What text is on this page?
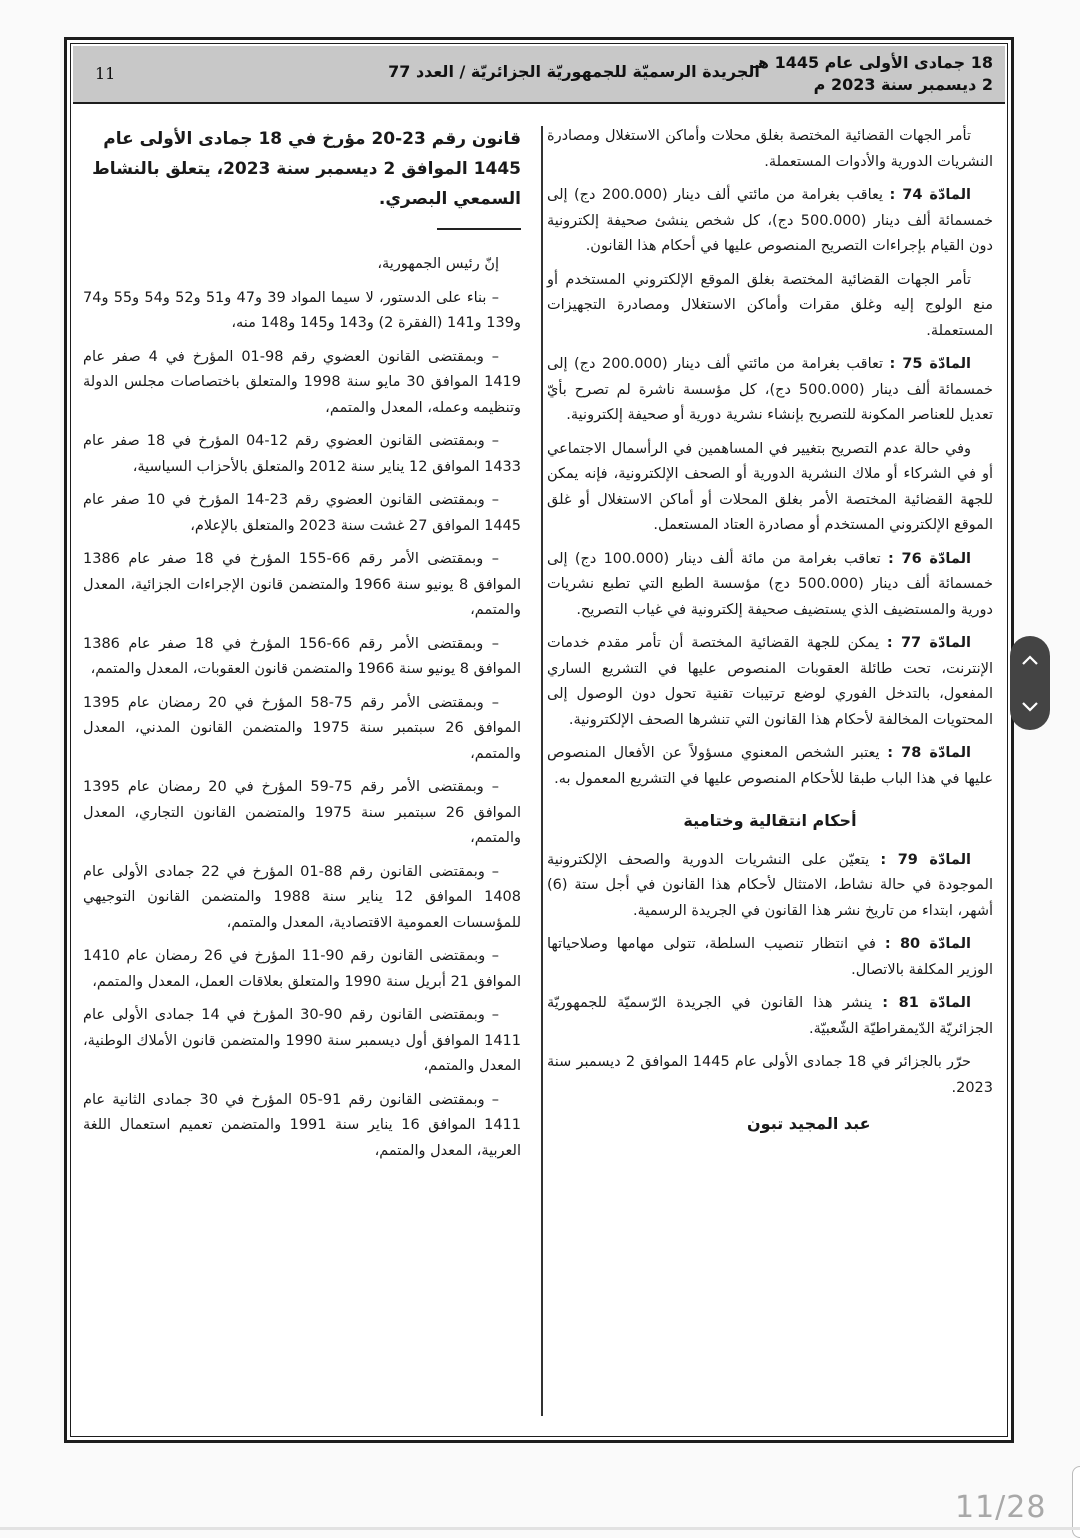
18 جمادى الأولى عام 1445 هـ
2 ديسمبر سنة 2023 م
الجريدة الرسميّة للجمهوريّة الجزائريّة / العدد 77
11

تأمر الجهات القضائية المختصة بغلق محلات وأماكن الاستغلال ومصادرة النشريات الدورية والأدوات المستعملة.

المادّة 74 : يعاقب بغرامة من مائتي ألف دينار (200.000 دج) إلى خمسمائة ألف دينار (500.000 دج)، كل شخص ينشئ صحيفة إلكترونية دون القيام بإجراءات التصريح المنصوص عليها في أحكام هذا القانون.

تأمر الجهات القضائية المختصة بغلق الموقع الإلكتروني المستخدم أو منع الولوج إليه وغلق مقرات وأماكن الاستغلال ومصادرة التجهيزات المستعملة.

المادّة 75 : تعاقب بغرامة من مائتي ألف دينار (200.000 دج) إلى خمسمائة ألف دينار (500.000 دج)، كل مؤسسة ناشرة لم تصرح بأيّ تعديل للعناصر المكونة للتصريح بإنشاء نشرية دورية أو صحيفة إلكترونية.

وفي حالة عدم التصريح بتغيير في المساهمين في الرأسمال الاجتماعي أو في الشركاء أو ملاك النشرية الدورية أو الصحف الإلكترونية، فإنه يمكن للجهة القضائية المختصة الأمر بغلق المحلات أو أماكن الاستغلال أو غلق الموقع الإلكتروني المستخدم أو مصادرة العتاد المستعمل.

المادّة 76 : تعاقب بغرامة من مائة ألف دينار (100.000 دج) إلى خمسمائة ألف دينار (500.000 دج) مؤسسة الطبع التي تطبع نشريات دورية والمستضيف الذي يستضيف صحيفة إلكترونية في غياب التصريح.

المادّة 77 : يمكن للجهة القضائية المختصة أن تأمر مقدم خدمات الإنترنت، تحت طائلة العقوبات المنصوص عليها في التشريع الساري المفعول، بالتدخل الفوري لوضع ترتيبات تقنية تحول دون الوصول إلى المحتويات المخالفة لأحكام هذا القانون التي تنشرها الصحف الإلكترونية.

المادّة 78 : يعتبر الشخص المعنوي مسؤولاً عن الأفعال المنصوص عليها في هذا الباب طبقا للأحكام المنصوص عليها في التشريع المعمول به.

أحكام انتقالية وختامية

المادّة 79 : يتعيّن على النشريات الدورية والصحف الإلكترونية الموجودة في حالة نشاط، الامتثال لأحكام هذا القانون في أجل ستة (6) أشهر، ابتداء من تاريخ نشر هذا القانون في الجريدة الرسمية.

المادّة 80 : في انتظار تنصيب السلطة، تتولى مهامها وصلاحياتها الوزير المكلفة بالاتصال.

المادّة 81 : ينشر هذا القانون في الجريدة الرّسميّة للجمهوريّة الجزائريّة الدّيمقراطيّة الشّعبيّة.

حرّر بالجزائر في 18 جمادى الأولى عام 1445 الموافق 2 ديسمبر سنة 2023.

عبد المجيد تبون

قانون رقم 23-20 مؤرخ في 18 جمادى الأولى عام 1445 الموافق 2 ديسمبر سنة 2023، يتعلق بالنشاط السمعي البصري.

إنّ رئيس الجمهورية،

– بناء على الدستور، لا سيما المواد 39 و47 و51 و52 و54 و55 و74 و139 و141 (الفقرة 2) و143 و145 و148 منه،

– وبمقتضى القانون العضوي رقم 98-01 المؤرخ في 4 صفر عام 1419 الموافق 30 مايو سنة 1998 والمتعلق باختصاصات مجلس الدولة وتنظيمه وعمله، المعدل والمتمم،

– وبمقتضى القانون العضوي رقم 12-04 المؤرخ في 18 صفر عام 1433 الموافق 12 يناير سنة 2012 والمتعلق بالأحزاب السياسية،

– وبمقتضى القانون العضوي رقم 23-14 المؤرخ في 10 صفر عام 1445 الموافق 27 غشت سنة 2023 والمتعلق بالإعلام،

– وبمقتضى الأمر رقم 66-155 المؤرخ في 18 صفر عام 1386 الموافق 8 يونيو سنة 1966 والمتضمن قانون الإجراءات الجزائية، المعدل والمتمم،

– وبمقتضى الأمر رقم 66-156 المؤرخ في 18 صفر عام 1386 الموافق 8 يونيو سنة 1966 والمتضمن قانون العقوبات، المعدل والمتمم،

– وبمقتضى الأمر رقم 75-58 المؤرخ في 20 رمضان عام 1395 الموافق 26 سبتمبر سنة 1975 والمتضمن القانون المدني، المعدل والمتمم،

– وبمقتضى الأمر رقم 75-59 المؤرخ في 20 رمضان عام 1395 الموافق 26 سبتمبر سنة 1975 والمتضمن القانون التجاري، المعدل والمتمم،

– وبمقتضى القانون رقم 88-01 المؤرخ في 22 جمادى الأولى عام 1408 الموافق 12 يناير سنة 1988 والمتضمن القانون التوجيهي للمؤسسات العمومية الاقتصادية، المعدل والمتمم،

– وبمقتضى القانون رقم 90-11 المؤرخ في 26 رمضان عام 1410 الموافق 21 أبريل سنة 1990 والمتعلق بعلاقات العمل، المعدل والمتمم،

– وبمقتضى القانون رقم 90-30 المؤرخ في 14 جمادى الأولى عام 1411 الموافق أول ديسمبر سنة 1990 والمتضمن قانون الأملاك الوطنية، المعدل والمتمم،

– وبمقتضى القانون رقم 91-05 المؤرخ في 30 جمادى الثانية عام 1411 الموافق 16 يناير سنة 1991 والمتضمن تعميم استعمال اللغة العربية، المعدل والمتمم،

11/28
